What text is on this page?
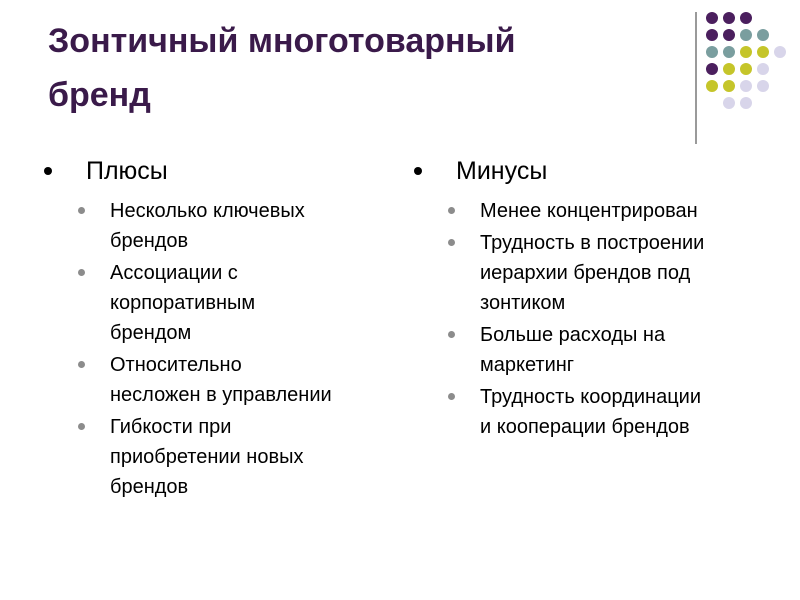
Зонтичный многотоварный
бренд
Плюсы
Несколько ключевых
брендов
Ассоциации с
корпоративным
брендом
Относительно
несложен в управлении
Гибкости при
приобретении новых
брендов
Минусы
Менее концентрирован
Трудность в построении
иерархии брендов под
зонтиком
Больше расходы на
маркетинг
Трудность координации
и кооперации брендов
